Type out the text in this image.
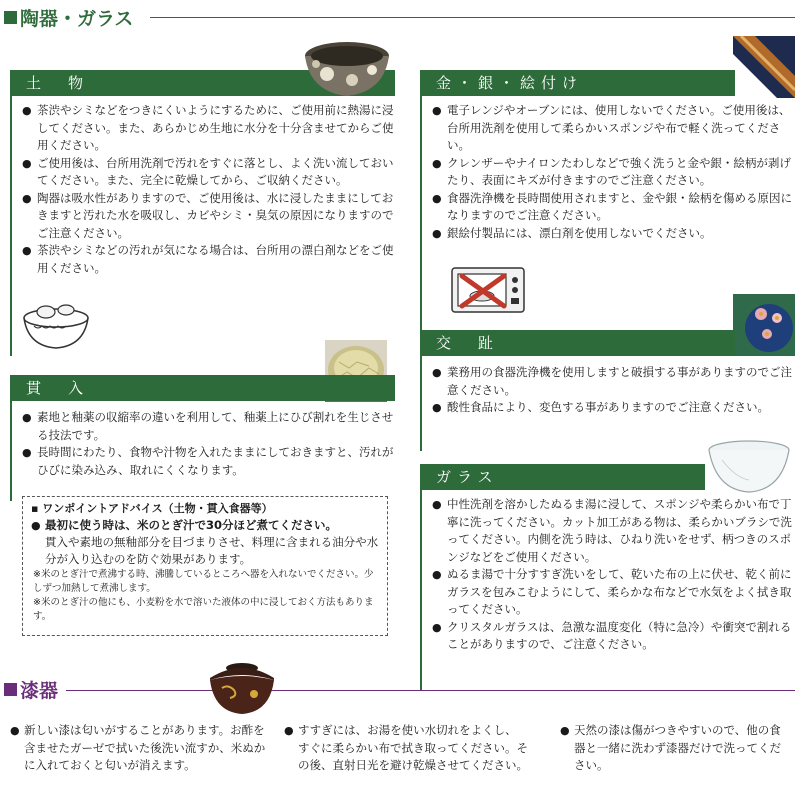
陶器・ガラス
土　物
● 茶渋やシミなどをつきにくいようにするために、ご使用前に熱湯に浸してください。また、あらかじめ生地に水分を十分含ませてからご使用ください。
● ご使用後は、台所用洗剤で汚れをすぐに落とし、よく洗い流しておいてください。また、完全に乾燥してから、ご収納ください。
● 陶器は吸水性がありますので、ご使用後は、水に浸したままにしておきますと汚れた水を吸収し、カビやシミ・臭気の原因になりますのでご注意ください。
● 茶渋やシミなどの汚れが気になる場合は、台所用の漂白剤などをご使用ください。
貫　入
● 素地と釉薬の収縮率の違いを利用して、釉薬上にひび割れを生じさせる技法です。
● 長時間にわたり、食物や汁物を入れたままにしておきますと、汚れがひびに染み込み、取れにくくなります。
▪ ワンポイントアドバイス（土物・貫入食器等）
● 最初に使う時は、米のとぎ汁で30分ほど煮てください。
貫入や素地の無釉部分を目づまりさせ、料理に含まれる油分や水分が入り込むのを防ぐ効果があります。
※米のとぎ汁で煮沸する時、沸騰しているところへ器を入れないでください。少しずつ加熱して煮沸します。
※米のとぎ汁の他にも、小麦粉を水で溶いた液体の中に浸しておく方法もあります。
金・銀・絵付け
● 電子レンジやオーブンには、使用しないでください。ご使用後は、台所用洗剤を使用して柔らかいスポンジや布で軽く洗ってください。
● クレンザーやナイロンたわしなどで強く洗うと金や銀・絵柄が剥げたり、表面にキズが付きますのでご注意ください。
● 食器洗浄機を長時間使用されますと、金や銀・絵柄を傷める原因になりますのでご注意ください。
● 銀絵付製品には、漂白剤を使用しないでください。
交　趾
● 業務用の食器洗浄機を使用しますと破損する事がありますのでご注意ください。
● 酸性食品により、変色する事がありますのでご注意ください。
ガラス
● 中性洗剤を溶かしたぬるま湯に浸して、スポンジや柔らかい布で丁寧に洗ってください。カット加工がある物は、柔らかいブラシで洗ってください。内側を洗う時は、ひねり洗いをせず、柄つきのスポンジなどをご使用ください。
● ぬるま湯で十分すすぎ洗いをして、乾いた布の上に伏せ、乾く前にガラスを包みこむようにして、柔らかな布などで水気をよく拭き取ってください。
● クリスタルガラスは、急激な温度変化（特に急冷）や衝突で割れることがありますので、ご注意ください。
漆器
● 新しい漆は匂いがすることがあります。お酢を含ませたガーゼで拭いた後洗い流すか、米ぬかに入れておくと匂いが消えます。
● すすぎには、お湯を使い水切れをよくし、すぐに柔らかい布で拭き取ってください。その後、直射日光を避け乾燥させてください。
● 天然の漆は傷がつきやすいので、他の食器と一緒に洗わず漆器だけで洗ってください。
